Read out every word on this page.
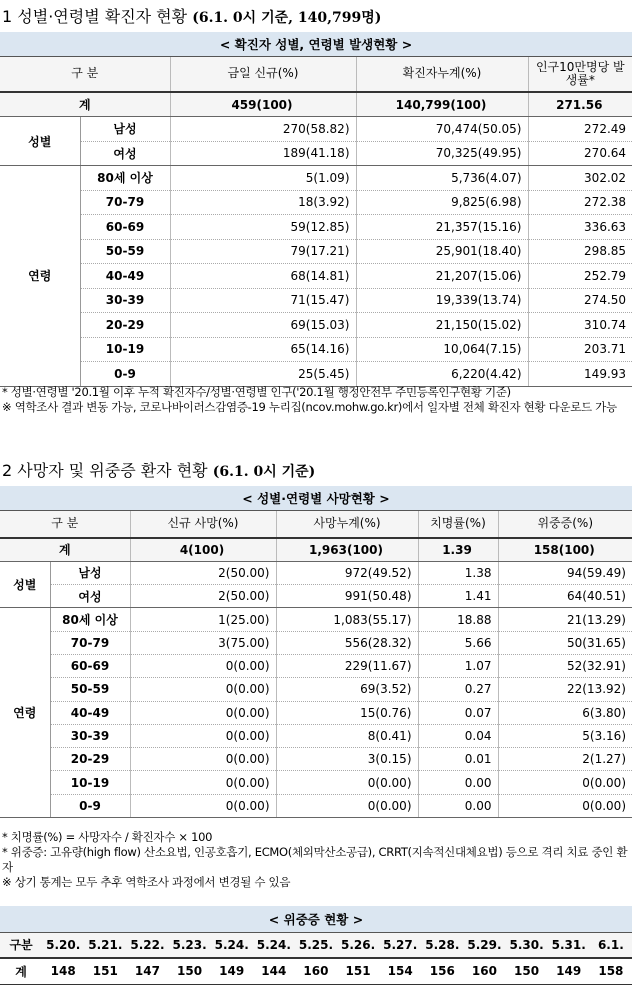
1 성별·연령별 확진자 현황 (6.1. 0시 기준, 140,799명)
< 확진자 성별, 연령별 발생현황 >				
구 분		금일 신규(%)	확진자누계(%)	인구10만명당 발생률*
계		459(100)	140,799(100)	271.56
성별	남성	270(58.82)	70,474(50.05)	272.49
	여성	189(41.18)	70,325(49.95)	270.64
연령	80세 이상	5(1.09)	5,736(4.07)	302.02
	70-79	18(3.92)	9,825(6.98)	272.38
	60-69	59(12.85)	21,357(15.16)	336.63
	50-59	79(17.21)	25,901(18.40)	298.85
	40-49	68(14.81)	21,207(15.06)	252.79
	30-39	71(15.47)	19,339(13.74)	274.50
	20-29	69(15.03)	21,150(15.02)	310.74
	10-19	65(14.16)	10,064(7.15)	203.71
	0-9	25(5.45)	6,220(4.42)	149.93
* 성별·연령별 '20.1월 이후 누적 확진자수/성별·연령별 인구('20.1월 행정안전부 주민등록인구현황 기준)
※ 역학조사 결과 변동 가능, 코로나바이러스감염증-19 누리집(ncov.mohw.go.kr)에서 일자별 전체 확진자 현황 다운로드 가능
2 사망자 및 위중증 환자 현황 (6.1. 0시 기준)
< 성별·연령별 사망현황 >					
구 분		신규 사망(%)	사망누계(%)	치명률(%)	위중증(%)
계		4(100)	1,963(100)	1.39	158(100)
성별	남성	2(50.00)	972(49.52)	1.38	94(59.49)
	여성	2(50.00)	991(50.48)	1.41	64(40.51)
연령	80세 이상	1(25.00)	1,083(55.17)	18.88	21(13.29)
	70-79	3(75.00)	556(28.32)	5.66	50(31.65)
	60-69	0(0.00)	229(11.67)	1.07	52(32.91)
	50-59	0(0.00)	69(3.52)	0.27	22(13.92)
	40-49	0(0.00)	15(0.76)	0.07	6(3.80)
	30-39	0(0.00)	8(0.41)	0.04	5(3.16)
	20-29	0(0.00)	3(0.15)	0.01	2(1.27)
	10-19	0(0.00)	0(0.00)	0.00	0(0.00)
	0-9	0(0.00)	0(0.00)	0.00	0(0.00)
* 치명률(%) = 사망자수 / 확진자수 × 100
* 위중증: 고유량(high flow) 산소요법, 인공호흡기, ECMO(체외막산소공급), CRRT(지속적신대체요법) 등으로 격리 치료 중인 환자
※ 상기 통계는 모두 추후 역학조사 과정에서 변경될 수 있음
< 위중증 현황 >														
구분	5.20.	5.21.	5.22.	5.23.	5.24.	5.24.	5.25.	5.26.	5.27.	5.28.	5.29.	5.30.	5.31.	6.1.
계	148	151	147	150	149	144	160	151	154	156	160	150	149	158
